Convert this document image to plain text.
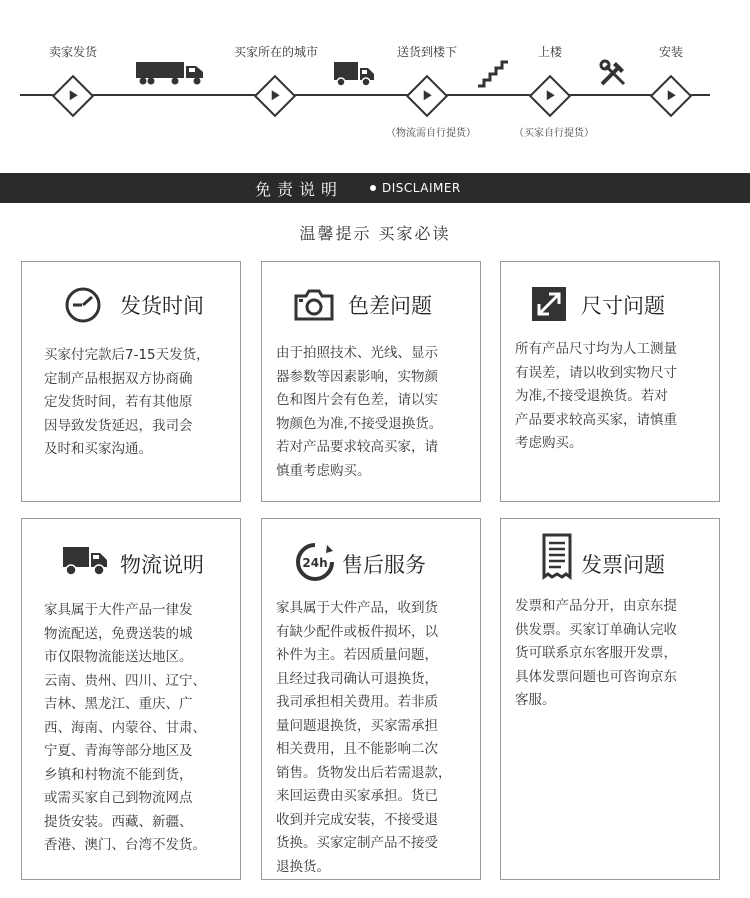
卖家发货	买家所在的城市	送货到楼下
（物流需自行提货）
上楼
（买家自行提货）
安装
免责说明	DISCLAIMER
温馨提示 买家必读
发货时间
买家付完款后7-15天发货，
定制产品根据双方协商确
定发货时间，若有其他原
因导致发货延迟，我司会
及时和买家沟通。
色差问题
由于拍照技术、光线、显示
器参数等因素影响，实物颜
色和图片会有色差，请以实
物颜色为准,不接受退换货。
若对产品要求较高买家，请
慎重考虑购买。
尺寸问题
所有产品尺寸均为人工测量
有误差，请以收到实物尺寸
为准,不接受退换货。若对
产品要求较高买家，请慎重
考虑购买。
物流说明
家具属于大件产品一律发
物流配送，免费送装的城
市仅限物流能送达地区。
云南、贵州、四川、辽宁、
吉林、黑龙江、重庆、广
西、海南、内蒙谷、甘肃、
宁夏、青海等部分地区及
乡镇和村物流不能到货，
或需买家自己到物流网点
提货安装。西藏、新疆、
香港、澳门、台湾不发货。
24h 售后服务
家具属于大件产品，收到货
有缺少配件或板件损坏，以
补件为主。若因质量问题，
且经过我司确认可退换货，
我司承担相关费用。若非质
量问题退换货，买家需承担
相关费用，且不能影响二次
销售。货物发出后若需退款，
来回运费由买家承担。货已
收到并完成安装，不接受退
货换。买家定制产品不接受
退换货。
发票问题
发票和产品分开，由京东提
供发票。买家订单确认完收
货可联系京东客服开发票，
具体发票问题也可咨询京东
客服。
